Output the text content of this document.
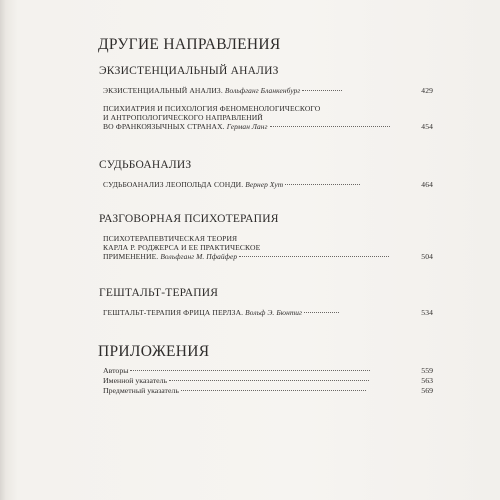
ДРУГИЕ НАПРАВЛЕНИЯ
ЭКЗИСТЕНЦИАЛЬНЫЙ АНАЛИЗ
ЭКЗИСТЕНЦИАЛЬНЫЙ АНАЛИЗ. Вольфганг Бланкенбург	429
ПСИХИАТРИЯ И ПСИХОЛОГИЯ ФЕНОМЕНОЛОГИЧЕСКОГО
И АНТРОПОЛОГИЧЕСКОГО НАПРАВЛЕНИЙ
ВО ФРАНКОЯЗЫЧНЫХ СТРАНАХ. Герман Ланг	454
СУДЬБОАНАЛИЗ
СУДЬБОАНАЛИЗ ЛЕОПОЛЬДА СОНДИ. Вернер Хут	464
РАЗГОВОРНАЯ ПСИХОТЕРАПИЯ
ПСИХОТЕРАПЕВТИЧЕСКАЯ ТЕОРИЯ
КАРЛА Р. РОДЖЕРСА И ЕЕ ПРАКТИЧЕСКОЕ
ПРИМЕНЕНИЕ. Вольфганг М. Пфайфер	504
ГЕШТАЛЬТ-ТЕРАПИЯ
ГЕШТАЛЬТ-ТЕРАПИЯ ФРИЦА ПЕРЛЗА. Вольф Э. Бюнтиг	534
ПРИЛОЖЕНИЯ
Авторы	559
Именной указатель	563
Предметный указатель	569
